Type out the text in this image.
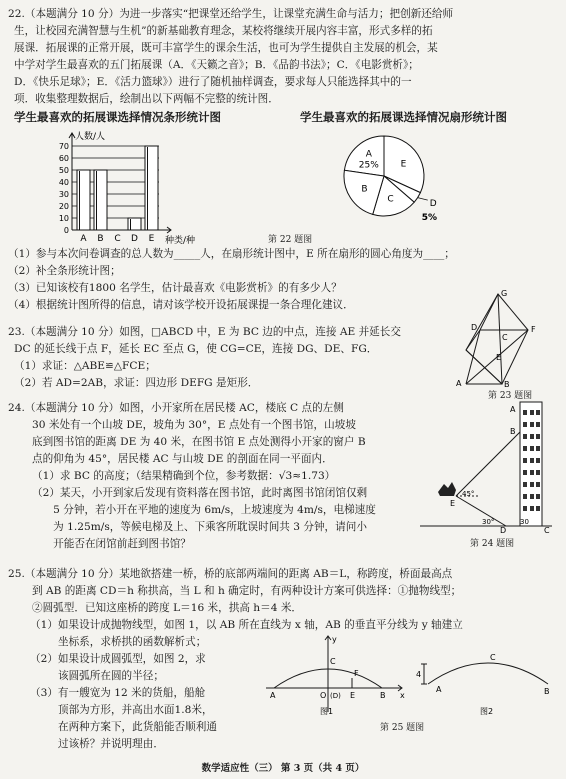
22.（本题满分 10 分）为进一步落实“把课堂还给学生，让课堂充满生命与活力；把创新还给师
生，让校园充满智慧与生机”的新基础教育理念，某校将继续开展内容丰富，形式多样的拓
展课．拓展课的正常开展，既可丰富学生的课余生活，也可为学生提供自主发展的机会，某
中学对学生最喜欢的五门拓展课（A．《天籁之音》；B．《品韵书法》；C．《电影赏析》；
D．《快乐足球》；E．《活力篮球》）进行了随机抽样调查，要求每人只能选择其中的一
项．收集整理数据后，绘制出以下两幅不完整的统计图．
学生最喜欢的拓展课选择情况条形统计图	学生最喜欢的拓展课选择情况扇形统计图
10
20
30
40
50
60
70
0
A B C D E
人数/人
种类/种
A
25% E
D
5%
C
B
第 22 题图
（1）参与本次问卷调查的总人数为_____人，在扇形统计图中，E 所在扇形的圆心角度为____；
（2）补全条形统计图；
（3）已知该校有1800 名学生，估计最喜欢《电影赏析》的有多少人？
（4）根据统计图所得的信息，请对该学校开设拓展课提一条合理化建议．
23.（本题满分 10 分）如图，□ABCD 中，E 为 BC 边的中点，连接 AE 并延长交
DC 的延长线于点 F，延长 EC 至点 G，使 CG=CE，连接 DG、DE、FG．
（1）求证：△ABE≌△FCE；
（2）若 AD=2AB，求证：四边形 DEFG 是矩形．
G
D	F
C
E
A	B
第 23 题图
24.（本题满分 10 分）如图，小开家所在居民楼 AC，楼底 C 点的左侧
30 米处有一个山坡 DE，坡角为 30°，E 点处有一个图书馆，山坡坡
底到图书馆的距离 DE 为 40 米，在图书馆 E 点处测得小开家的窗户 B
点的仰角为 45°，居民楼 AC 与山坡 DE 的剖面在同一平面内．
（1）求 BC 的高度；（结果精确到个位，参考数据：√3≈1.73）
（2）某天，小开到家后发现有资料落在图书馆，此时离图书馆闭馆仅剩
　　5 分钟，若小开在平地的速度为 6m/s，上坡速度为 4m/s，电梯速度
　　为 1.25m/s，等候电梯及上、下乘客所耽误时间共 3 分钟，请问小
　　开能否在闭馆前赶到图书馆？
A
B
E
D	C
45°
30°	30
第 24 题图
25.（本题满分 10 分）某地欲搭建一桥，桥的底部两端间的距离 AB＝L，称跨度，桥面最高点
到 AB 的距离 CD＝h 称拱高，当 L 和 h 确定时，有两种设计方案可供选择：①抛物线型；
②圆弧型．已知这座桥的跨度 L＝16 米，拱高 h＝4 米．
（1）如果设计成抛物线型，如图 1，以 AB 所在直线为 x 轴，AB 的垂直平分线为 y 轴建立
坐标系，求桥拱的函数解析式；
（2）如果设计成圆弧型，如图 2，求
该圆弧所在圆的半径；
（3）有一艘宽为 12 米的货船，船舱
顶部为方形，并高出水面1.8米，
在两种方案下，此货船能否顺利通
过该桥？并说明理由．
y
C
F
A	O (D) E	B x
图1
4
C
A	B
图2
第 25 题图
数学适应性（三） 第 3 页（共 4 页）
